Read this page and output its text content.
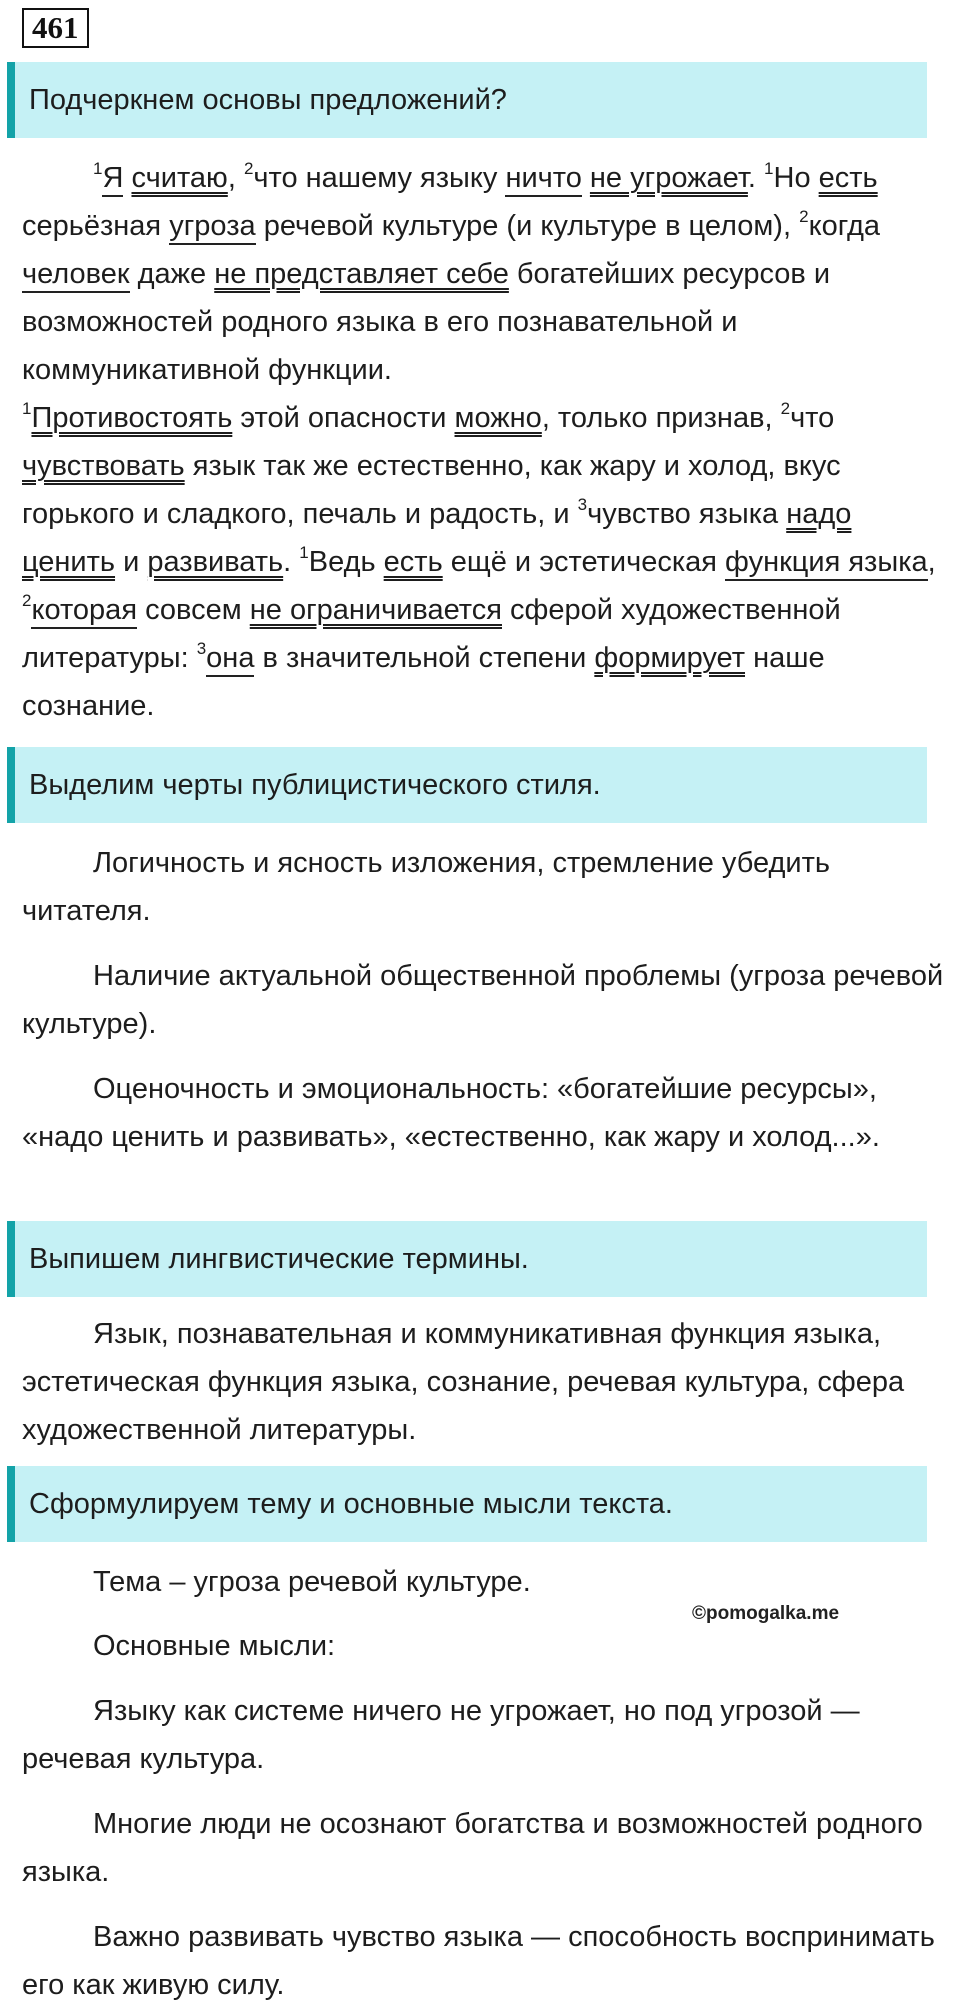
461
Подчеркнем основы предложений?
$^1$Я считаю, $^2$что нашему языку ничто не угрожает. $^1$Но есть серьёзная угроза речевой культуре (и культуре в целом), $^2$когда человек даже не представляет себе богатейших ресурсов и возможностей родного языка в его познавательной и коммуникативной функции.
$^1$Противостоять этой опасности можно, только признав, $^2$что чувствовать язык так же естественно, как жару и холод, вкус горького и сладкого, печаль и радость, и $^3$чувство языка надо ценить и развивать. $^1$Ведь есть ещё и эстетическая функция языка, $^2$которая совсем не ограничивается сферой художественной литературы: $^3$она в значительной степени формирует наше сознание.
Выделим черты публицистического стиля.
Логичность и ясность изложения, стремление убедить читателя.
Наличие актуальной общественной проблемы (угроза речевой культуре).
Оценочность и эмоциональность: «богатейшие ресурсы», «надо ценить и развивать», «естественно, как жару и холод...».
Выпишем лингвистические термины.
Язык, познавательная и коммуникативная функция языка, эстетическая функция языка, сознание, речевая культура, сфера художественной литературы.
Сформулируем тему и основные мысли текста.
Тема – угроза речевой культуре.
©pomogalka.me
Основные мысли:
Языку как системе ничего не угрожает, но под угрозой — речевая культура.
Многие люди не осознают богатства и возможностей родного языка.
Важно развивать чувство языка — способность воспринимать его как живую силу.
